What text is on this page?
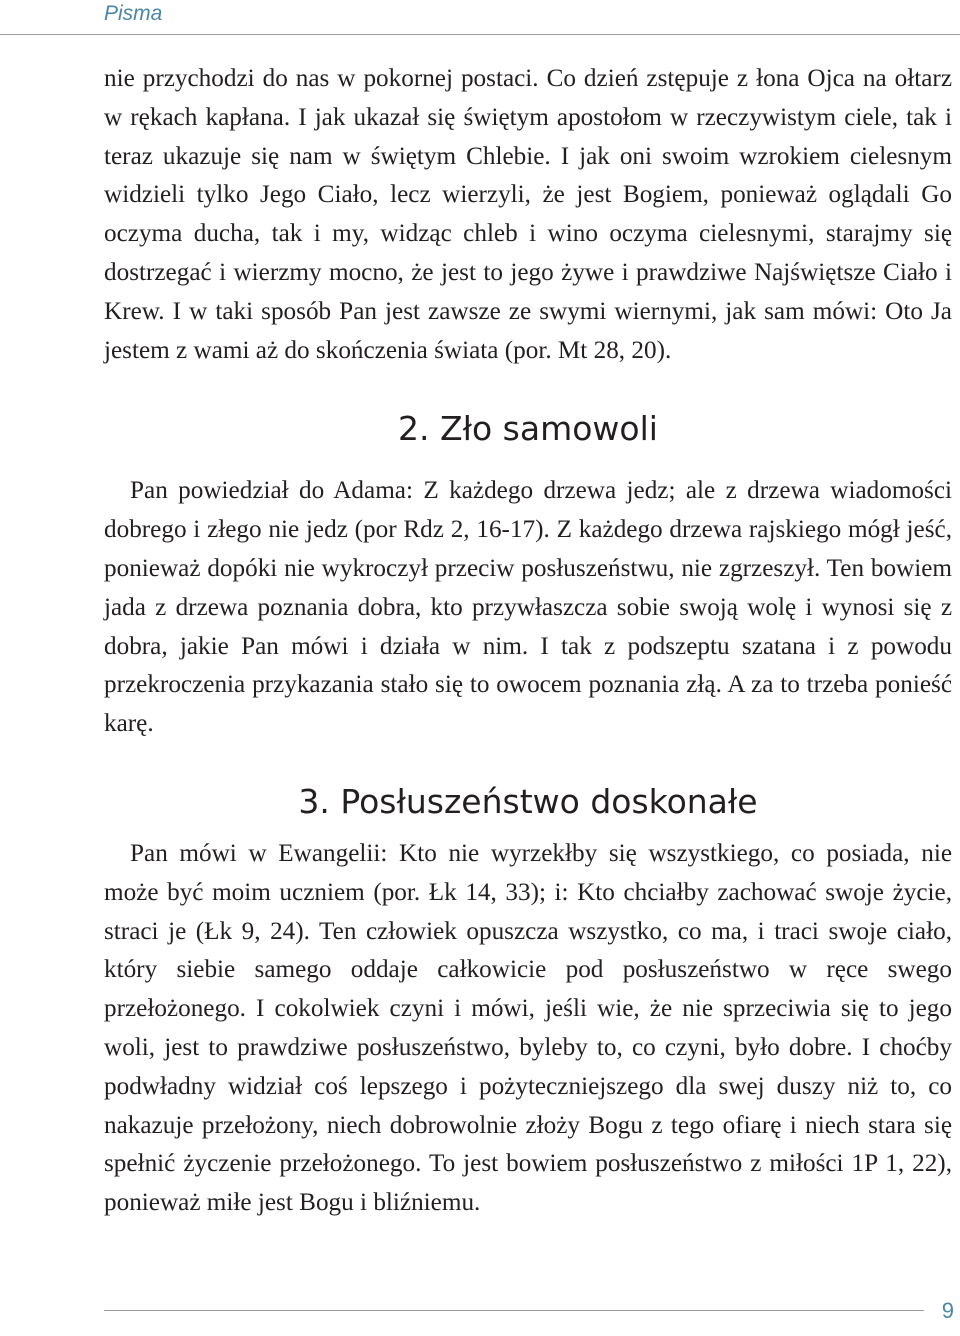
Pisma

nie przychodzi do nas w pokornej postaci. Co dzień zstępuje z łona Ojca na ołtarz w rękach kapłana. I jak ukazał się świętym apostołom w rzeczywistym ciele, tak i teraz ukazuje się nam w świętym Chlebie. I jak oni swoim wzrokiem cielesnym widzieli tylko Jego Ciało, lecz wierzyli, że jest Bogiem, ponieważ oglądali Go oczyma ducha, tak i my, widząc chleb i wino oczyma cielesnymi, starajmy się dostrzegać i wierzmy mocno, że jest to jego żywe i prawdziwe Najświętsze Ciało i Krew. I w taki sposób Pan jest zawsze ze swymi wiernymi, jak sam mówi: Oto Ja jestem z wami aż do skończenia świata (por. Mt 28, 20).

2. Zło samowoli

Pan powiedział do Adama: Z każdego drzewa jedz; ale z drzewa wiadomości dobrego i złego nie jedz (por Rdz 2, 16-17). Z każdego drzewa rajskiego mógł jeść, ponieważ dopóki nie wykroczył przeciw posłuszeństwu, nie zgrzeszył. Ten bowiem jada z drzewa poznania dobra, kto przywłaszcza sobie swoją wolę i wynosi się z dobra, jakie Pan mówi i działa w nim. I tak z podszeptu szatana i z powodu przekroczenia przykazania stało się to owocem poznania złą. A za to trzeba ponieść karę.

3. Posłuszeństwo doskonałe

Pan mówi w Ewangelii: Kto nie wyrzekłby się wszystkiego, co posiada, nie może być moim uczniem (por. Łk 14, 33); i: Kto chciałby zachować swoje życie, straci je (Łk 9, 24). Ten człowiek opuszcza wszystko, co ma, i traci swoje ciało, który siebie samego oddaje całkowicie pod posłuszeństwo w ręce swego przełożonego. I cokolwiek czyni i mówi, jeśli wie, że nie sprzeciwia się to jego woli, jest to prawdziwe posłuszeństwo, byleby to, co czyni, było dobre. I choćby podwładny widział coś lepszego i pożyteczniejszego dla swej duszy niż to, co nakazuje przełożony, niech dobrowolnie złoży Bogu z tego ofiarę i niech stara się spełnić życzenie przełożonego. To jest bowiem posłuszeństwo z miłości 1P 1, 22), ponieważ miłe jest Bogu i bliźniemu.

9
